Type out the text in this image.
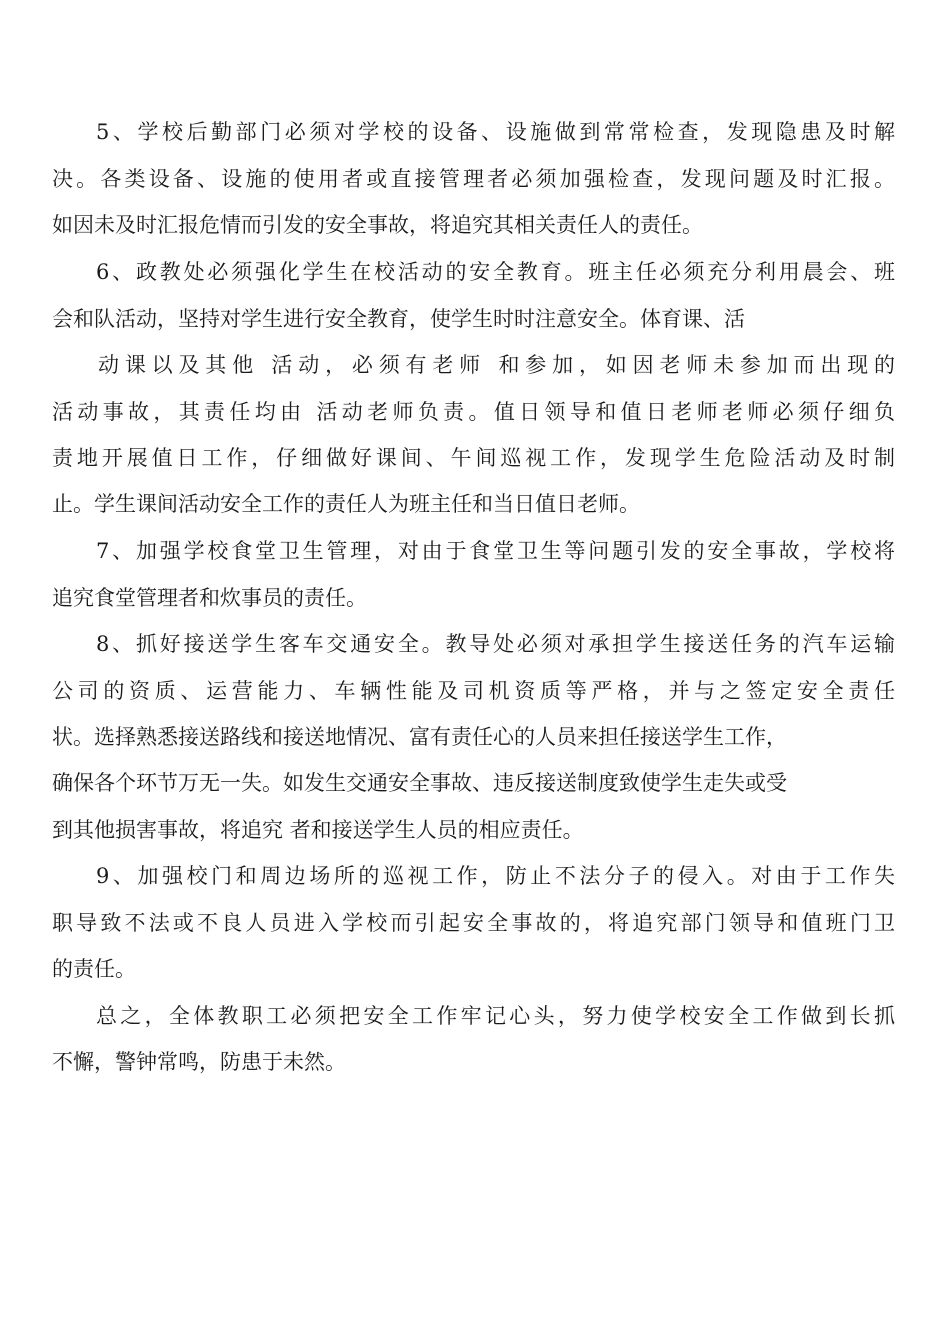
5、学校后勤部门必须对学校的设备、设施做到常常检查，发现隐患及时解

决。各类设备、设施的使用者或直接管理者必须加强检查，发现问题及时汇报。

如因未及时汇报危情而引发的安全事故，将追究其相关责任人的责任。

6、政教处必须强化学生在校活动的安全教育。班主任必须充分利用晨会、班

会和队活动，坚持对学生进行安全教育，使学生时时注意安全。体育课、活

动课以及其他 活动，必须有老师 和参加，如因老师未参加而出现的

活动事故，其责任均由 活动老师负责。值日领导和值日老师老师必须仔细负

责地开展值日工作，仔细做好课间、午间巡视工作，发现学生危险活动及时制

止。学生课间活动安全工作的责任人为班主任和当日值日老师。

7、加强学校食堂卫生管理，对由于食堂卫生等问题引发的安全事故，学校将

追究食堂管理者和炊事员的责任。

8、抓好接送学生客车交通安全。教导处必须对承担学生接送任务的汽车运输

公司的资质、运营能力、车辆性能及司机资质等严格，并与之签定安全责任

状。选择熟悉接送路线和接送地情况、富有责任心的人员来担任接送学生工作，

确保各个环节万无一失。如发生交通安全事故、违反接送制度致使学生走失或受

到其他损害事故，将追究 者和接送学生人员的相应责任。

9、加强校门和周边场所的巡视工作，防止不法分子的侵入。对由于工作失

职导致不法或不良人员进入学校而引起安全事故的，将追究部门领导和值班门卫

的责任。

总之，全体教职工必须把安全工作牢记心头，努力使学校安全工作做到长抓

不懈，警钟常鸣，防患于未然。
